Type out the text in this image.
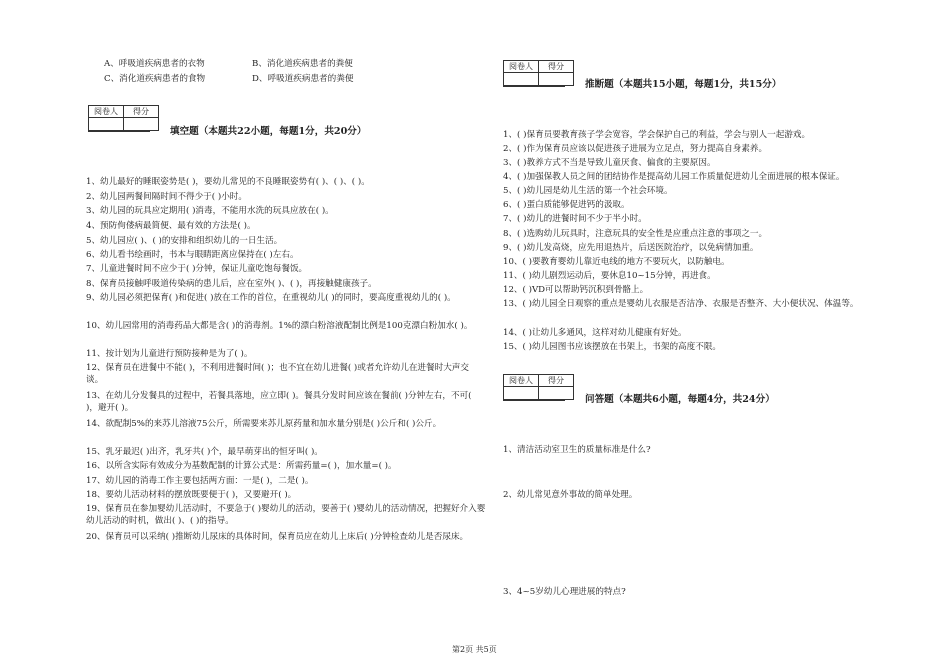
A、呼吸道疾病患者的衣物	B、消化道疾病患者的粪便
C、消化道疾病患者的食物	D、呼吸道疾病患者的粪便
阅卷人	得分

填空题（本题共22小题，每题1分，共20分）
1、幼儿最好的睡眠姿势是( )，要幼儿常见的不良睡眠姿势有( )、( )、( )。
2、幼儿园两餐间隔时间不得少于( )小时。
3、幼儿园的玩具应定期用( )消毒，不能用水洗的玩具应放在( )。
4、预防佝偻病最简便、最有效的方法是( )。
5、幼儿园应( )、( )的安排和组织幼儿的一日生活。
6、幼儿看书绘画时，书本与眼睛距离应保持在( )左右。
7、儿童进餐时间不应少于( )分钟，保证儿童吃饱每餐饭。
8、保育员接触呼吸道传染病的患儿后，应在室外( )、( )，再接触健康孩子。
9、幼儿园必须把保育( )和促进( )放在工作的首位，在重视幼儿( )的同时，要高度重视幼儿的( )。
10、幼儿园常用的消毒药品大都是含( )的消毒剂。1%的漂白粉溶液配制比例是100克漂白粉加水( )。
11、按计划为儿童进行预防接种是为了( )。
12、保育员在进餐中不能( )，不利用进餐时间( )；也不宜在幼儿进餐( )或者允许幼儿在进餐时大声交谈。
13、在幼儿分发餐具的过程中，若餐具落地，应立即( )。餐具分发时间应该在餐前( )分钟左右，不可( )，避开( )。
14、欲配制5%的来苏儿溶液75公斤，所需要来苏儿原药量和加水量分别是( )公斤和( )公斤。
15、乳牙最迟( )出齐，乳牙共( )个，最早萌芽出的恒牙叫( )。
16、以所含实际有效成分为基数配制的计算公式是：所需药量=( )，加水量=( )。
17、幼儿园的消毒工作主要包括两方面：一是( )，二是( )。
18、要幼儿活动材料的摆放既要便于( )，又要避开( )。
19、保育员在参加婴幼儿活动时，不要急于( )婴幼儿的活动，要善于( )婴幼儿的活动情况，把握好介入婴幼儿活动的时机，做出( )、( )的指导。
20、保育员可以采纳( )推断幼儿尿床的具体时间，保育员应在幼儿上床后( )分钟检查幼儿是否尿床。
阅卷人	得分

推断题（本题共15小题，每题1分，共15分）
1、( )保育员要教育孩子学会宽容，学会保护自己的利益，学会与别人一起游戏。
2、( )作为保育员应该以促进孩子进展为立足点，努力提高自身素养。
3、( )教养方式不当是导致儿童厌食、偏食的主要原因。
4、( )加强保教人员之间的团结协作是提高幼儿园工作质量促进幼儿全面进展的根本保证。
5、( )幼儿园是幼儿生活的第一个社会环境。
6、( )蛋白质能够促进钙的汲取。
7、( )幼儿的进餐时间不少于半小时。
8、( )选购幼儿玩具时，注意玩具的安全性是应重点注意的事项之一。
9、( )幼儿发高烧，应先用退热片，后送医院治疗，以免病情加重。
10、( )要教育婴幼儿靠近电线的地方不要玩火，以防触电。
11、( )幼儿剧烈运动后，要休息10~15分钟，再进食。
12、( )VD可以帮助钙沉积到骨骼上。
13、( )幼儿园全日观察的重点是婴幼儿衣服是否洁净、衣服是否整齐、大小便状况、体温等。
14、( )让幼儿多通风，这样对幼儿健康有好处。
15、( )幼儿园图书应该摆放在书架上，书架的高度不限。
阅卷人	得分

问答题（本题共6小题，每题4分，共24分）
1、清洁活动室卫生的质量标准是什么?
2、幼儿常见意外事故的简单处理。
3、4~5岁幼儿心理进展的特点?
第2页 共5页
